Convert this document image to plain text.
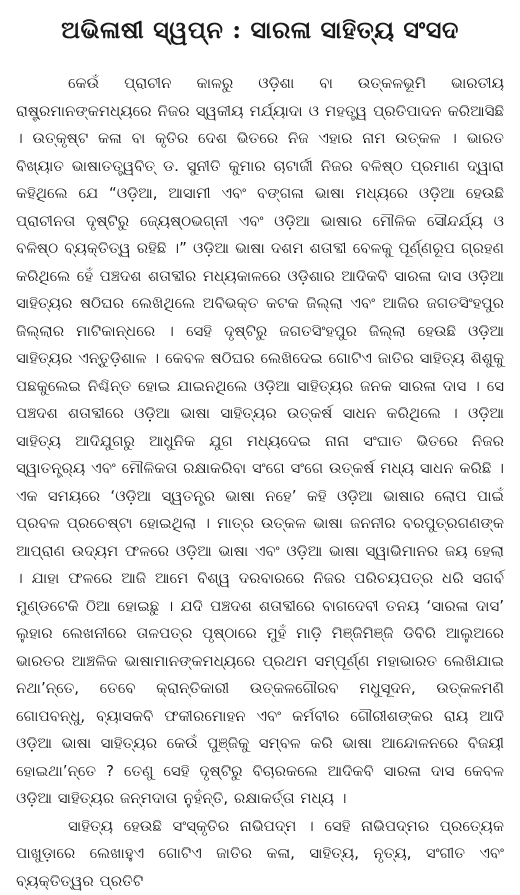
ଅଭିଳାଷୀ ସ୍ୱପ୍ନ : ସାରଳା ସାହିତ୍ୟ ସଂସଦ

କେଉଁ ପ୍ରାଚୀନ କାଳରୁ ଓଡ଼ିଶା ବା ଉତ୍କଳଭୂମି ଭାରତୀୟ ରାଷ୍ଟ୍ରମାନଙ୍କମଧ୍ୟରେ ନିଜର ସ୍ୱକୀୟ ମର୍ଯ୍ୟାଦା ଓ ମହତ୍ତ୍ୱ ପ୍ରତିପାଦନ କରିଆସିଛି । ଉତ୍କୃଷ୍ଟ କଳା ବା କୃତିର ଦେଶ ଭିତରେ ନିଜ ଏହାର ନାମ ଉତ୍କଳ । ଭାରତ ବିଖ୍ୟାତ ଭାଷାତତ୍ତ୍ୱବିତ୍ ଡ. ସୁନୀତି କୁମାର ଚାଟାର୍ଜୀ ନିଜର ବଳିଷ୍ଠ ପ୍ରମାଣ ଦ୍ୱାରା କହିଥିଲେ ଯେ “ଓଡ଼ିଆ, ଆସାମୀ ଏବଂ ବଙ୍ଗଳା ଭାଷା ମଧ୍ୟରେ ଓଡ଼ିଆ ହେଉଛି ପ୍ରାଚୀନତା ଦୃଷ୍ଟିରୁ ଜ୍ୟେଷ୍ଠଭଗ୍ନୀ ଏବଂ ଓଡ଼ିଆ ଭାଷାର ମୌଳିକ ସୌନ୍ଦର୍ଯ୍ୟ ଓ ବଳିଷ୍ଠ ବ୍ୟକ୍ତିତ୍ୱ ରହିଛି ।” ଓଡ଼ିଆ ଭାଷା ଦଶମ ଶତାବ୍ଦୀ ବେଳକୁ ପୂର୍ଣ୍ଣରୂପ ଗ୍ରହଣ କରିଥିଲେ ହେଁ ପଞ୍ଚଦଶ ଶତାବ୍ଦୀର ମଧ୍ୟକାଳରେ ଓଡ଼ିଶାର ଆଦିକବି ସାରଳା ଦାସ ଓଡ଼ିଆ ସାହିତ୍ୟର ଷଠିଘର ଲେଖିଥିଲେ ଅବିଭକ୍ତ କଟକ ଜିଲ୍ଲା ଏବଂ ଆଜିର ଜଗତସିଂହପୁର ଜିଲ୍ଲାର ମାଟିକାନ୍ଧରେ । ସେହି ଦୃଷ୍ଟିରୁ ଜଗତସିଂହପୁର ଜିଲ୍ଲା ହେଉଛି ଓଡ଼ିଆ ସାହିତ୍ୟର ଏନ୍ତୁଡ଼ିଶାଳ । କେବଳ ଷଠିଘର ଲେଖିଦେଇ ଗୋଟିଏ ଜାତିର ସାହିତ୍ୟ ଶିଶୁକୁ ପଛକୁଲେଇ ନିଶ୍ଚିନ୍ତ ହୋଇ ଯାଇନଥିଲେ ଓଡ଼ିଆ ସାହିତ୍ୟର ଜନକ ସାରଳା ଦାସ । ସେ ପଞ୍ଚଦଶ ଶତାବ୍ଦୀରେ ଓଡ଼ିଆ ଭାଷା ସାହିତ୍ୟର ଉତ୍କର୍ଷ ସାଧନ କରିଥିଲେ । ଓଡ଼ିଆ ସାହିତ୍ୟ ଆଦିଯୁଗରୁ ଆଧୁନିକ ଯୁଗ ମଧ୍ୟଦେଇ ନାନା ସଂଘାତ ଭିତରେ ନିଜର ସ୍ୱାତନ୍ତ୍ର୍ୟ ଏବଂ ମୌଳିକତା ରକ୍ଷାକରିବା ସଂଗେ ସଂଗେ ଉତ୍କର୍ଷ ମଧ୍ୟ ସାଧନ କରିଛି । ଏକ ସମୟରେ ‘ଓଡ଼ିଆ ସ୍ୱତନ୍ତ୍ର ଭାଷା ନହେ’ କହି ଓଡ଼ିଆ ଭାଷାର ଲୋପ ପାଇଁ ପ୍ରବଳ ପ୍ରଚେଷ୍ଟା ହୋଇଥିଲା । ମାତ୍ର ଉତ୍କଳ ଭାଷା ଜନନୀର ବରପୁତ୍ରଗଣଙ୍କ ଆପ୍ରାଣ ଉଦ୍ୟମ ଫଳରେ ଓଡ଼ିଆ ଭାଷା ଏବଂ ଓଡ଼ିଆ ଭାଷା ସ୍ୱାଭିମାନର ଜୟ ହେଲା । ଯାହା ଫଳରେ ଆଜି ଆମେ ବିଶ୍ୱ ଦରବାରରେ ନିଜର ପରିଚୟପତ୍ର ଧରି ସଗର୍ବ ମୁଣ୍ଡଟେକି ଠିଆ ହୋଇଛୁ । ଯଦି ପଞ୍ଚଦଶ ଶତାବ୍ଦୀରେ ବାଗଦେବୀ ତନୟ ‘ସାରଳା ଦାସ’ ଲୁହାର ଲେଖନୀରେ ତାଳପତ୍ର ପୃଷ୍ଠାରେ ମୁହଁ ମାଡ଼ି ମିଞ୍ଜିମିଞ୍ଜି ଡିବିରି ଆଲୁଅରେ ଭାରତର ଆଞ୍ଚଳିକ ଭାଷାମାନଙ୍କମଧ୍ୟରେ ପ୍ରଥମ ସମ୍ପୂର୍ଣ୍ଣ ମହାଭାରତ ଲେଖିଯାଇ ନଥା’ନ୍ତେ, ତେବେ କ୍ରାନ୍ତିକାରୀ ଉତ୍କଳଗୌରବ ମଧୁସୂଦନ, ଉତ୍କଳମଣି ଗୋପବନ୍ଧୁ, ବ୍ୟାସକବି ଫକୀରମୋହନ ଏବଂ କର୍ମବୀର ଗୌରୀଶଙ୍କର ରାୟ ଆଦି ଓଡ଼ିଆ ଭାଷା ସାହିତ୍ୟର କେଉଁ ପୁଞ୍ଜିକୁ ସମ୍ବଳ କରି ଭାଷା ଆନ୍ଦୋଳନରେ ବିଜୟୀ ହୋଇଥା’ନ୍ତେ ? ତେଣୁ ସେହି ଦୃଷ୍ଟିରୁ ବିଚାରକଲେ ଆଦିକବି ସାରଳା ଦାସ କେବଳ ଓଡ଼ିଆ ସାହିତ୍ୟର ଜନ୍ମଦାତା ନୁହଁନ୍ତି, ରକ୍ଷାକର୍ତ୍ତା ମଧ୍ୟ ।

ସାହିତ୍ୟ ହେଉଛି ସଂସ୍କୃତିର ନାଭିପଦ୍ମ । ସେହି ନାଭିପଦ୍ମର ପ୍ରତ୍ୟେକ ପାଖୁଡ଼ାରେ ଲେଖାହୁଏ ଗୋଟିଏ ଜାତିର କଳା, ସାହିତ୍ୟ, ନୃତ୍ୟ, ସଂଗୀତ ଏବଂ ବ୍ୟକ୍ତିତ୍ୱର ପ୍ରତିଟି
